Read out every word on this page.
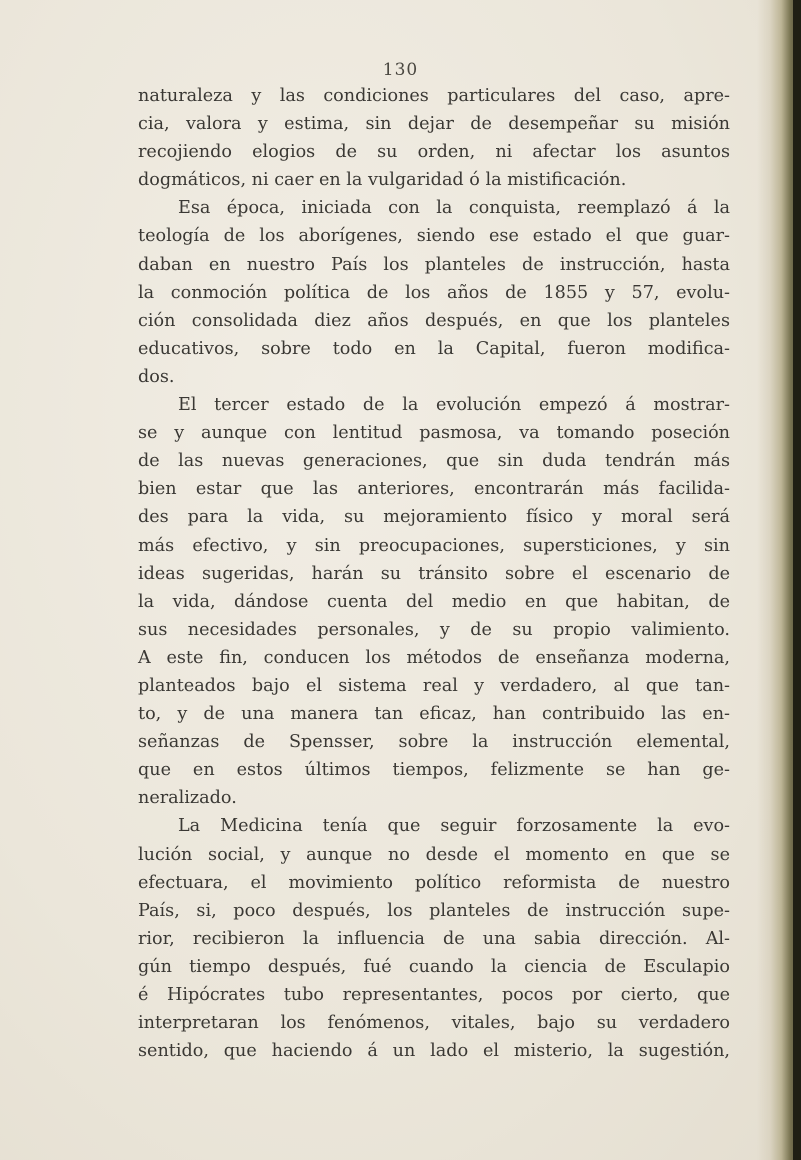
130
naturaleza y las condiciones particulares del caso, apre-
cia, valora y estima, sin dejar de desempeñar su misión
recojiendo elogios de su orden, ni afectar los asuntos
dogmáticos, ni caer en la vulgaridad ó la mistificación.
Esa época, iniciada con la conquista, reemplazó á la
teología de los aborígenes, siendo ese estado el que guar-
daban en nuestro País los planteles de instrucción, hasta
la conmoción política de los años de 1855 y 57, evolu-
ción consolidada diez años después, en que los planteles
educativos, sobre todo en la Capital, fueron modifica-
dos.
El tercer estado de la evolución empezó á mostrar-
se y aunque con lentitud pasmosa, va tomando poseción
de las nuevas generaciones, que sin duda tendrán más
bien estar que las anteriores, encontrarán más facilida-
des para la vida, su mejoramiento físico y moral será
más efectivo, y sin preocupaciones, supersticiones, y sin
ideas sugeridas, harán su tránsito sobre el escenario de
la vida, dándose cuenta del medio en que habitan, de
sus necesidades personales, y de su propio valimiento.
A este fin, conducen los métodos de enseñanza moderna,
planteados bajo el sistema real y verdadero, al que tan-
to, y de una manera tan eficaz, han contribuido las en-
señanzas de Spensser, sobre la instrucción elemental,
que en estos últimos tiempos, felizmente se han ge-
neralizado.
La Medicina tenía que seguir forzosamente la evo-
lución social, y aunque no desde el momento en que se
efectuara, el movimiento político reformista de nuestro
País, si, poco después, los planteles de instrucción supe-
rior, recibieron la influencia de una sabia dirección. Al-
gún tiempo después, fué cuando la ciencia de Esculapio
é Hipócrates tubo representantes, pocos por cierto, que
interpretaran los fenómenos, vitales, bajo su verdadero
sentido, que haciendo á un lado el misterio, la sugestión,
